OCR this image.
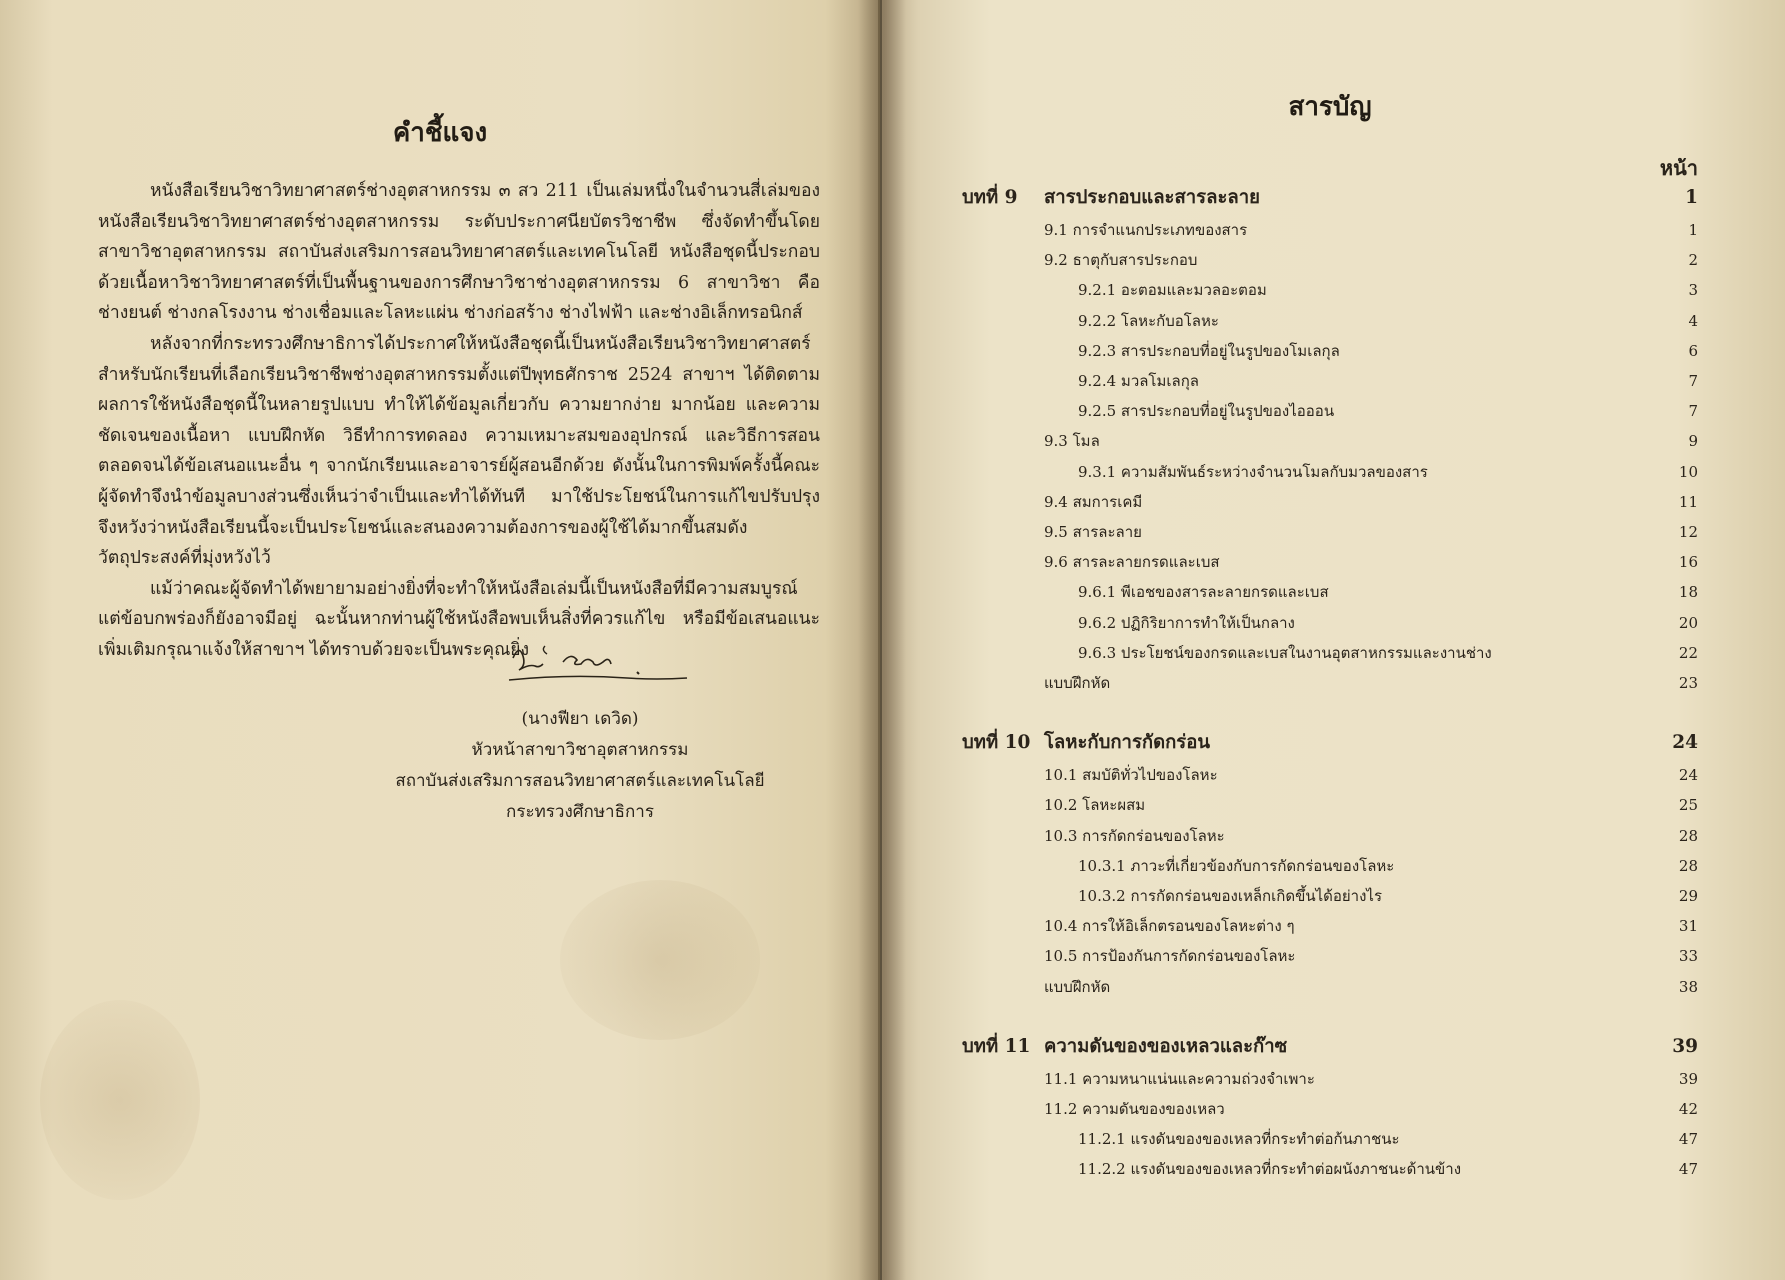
คำชี้แจง

หนังสือเรียนวิชาวิทยาศาสตร์ช่างอุตสาหกรรม ๓ สว 211 เป็นเล่มหนึ่งในจำนวนสี่เล่มของหนังสือเรียนวิชาวิทยาศาสตร์ช่างอุตสาหกรรม ระดับประกาศนียบัตรวิชาชีพ ซึ่งจัดทำขึ้นโดยสาขาวิชาอุตสาหกรรม สถาบันส่งเสริมการสอนวิทยาศาสตร์และเทคโนโลยี หนังสือชุดนี้ประกอบด้วยเนื้อหาวิชาวิทยาศาสตร์ที่เป็นพื้นฐานของการศึกษาวิชาช่างอุตสาหกรรม 6 สาขาวิชา คือ ช่างยนต์ ช่างกลโรงงาน ช่างเชื่อมและโลหะแผ่น ช่างก่อสร้าง ช่างไฟฟ้า และช่างอิเล็กทรอนิกส์

หลังจากที่กระทรวงศึกษาธิการได้ประกาศให้หนังสือชุดนี้เป็นหนังสือเรียนวิชาวิทยาศาสตร์สำหรับนักเรียนที่เลือกเรียนวิชาชีพช่างอุตสาหกรรมตั้งแต่ปีพุทธศักราช 2524 สาขาฯ ได้ติดตามผลการใช้หนังสือชุดนี้ในหลายรูปแบบ ทำให้ได้ข้อมูลเกี่ยวกับ ความยากง่าย มากน้อย และความชัดเจนของเนื้อหา แบบฝึกหัด วิธีทำการทดลอง ความเหมาะสมของอุปกรณ์ และวิธีการสอน ตลอดจนได้ข้อเสนอแนะอื่น ๆ จากนักเรียนและอาจารย์ผู้สอนอีกด้วย ดังนั้นในการพิมพ์ครั้งนี้คณะผู้จัดทำจึงนำข้อมูลบางส่วนซึ่งเห็นว่าจำเป็นและทำได้ทันที มาใช้ประโยชน์ในการแก้ไขปรับปรุง จึงหวังว่าหนังสือเรียนนี้จะเป็นประโยชน์และสนองความต้องการของผู้ใช้ได้มากขึ้นสมดังวัตถุประสงค์ที่มุ่งหวังไว้

แม้ว่าคณะผู้จัดทำได้พยายามอย่างยิ่งที่จะทำให้หนังสือเล่มนี้เป็นหนังสือที่มีความสมบูรณ์ แต่ข้อบกพร่องก็ยังอาจมีอยู่ ฉะนั้นหากท่านผู้ใช้หนังสือพบเห็นสิ่งที่ควรแก้ไข หรือมีข้อเสนอแนะเพิ่มเติมกรุณาแจ้งให้สาขาฯ ได้ทราบด้วยจะเป็นพระคุณยิ่ง

(นางฟียา เดวิด)
หัวหน้าสาขาวิชาอุตสาหกรรม
สถาบันส่งเสริมการสอนวิทยาศาสตร์และเทคโนโลยี
กระทรวงศึกษาธิการ
สารบัญ
หน้า
บทที่ 9 สารประกอบและสารละลาย	1
9.1 การจำแนกประเภทของสาร	1
9.2 ธาตุกับสารประกอบ	2
9.2.1 อะตอมและมวลอะตอม	3
9.2.2 โลหะกับอโลหะ	4
9.2.3 สารประกอบที่อยู่ในรูปของโมเลกุล	6
9.2.4 มวลโมเลกุล	7
9.2.5 สารประกอบที่อยู่ในรูปของไอออน	7
9.3 โมล	9
9.3.1 ความสัมพันธ์ระหว่างจำนวนโมลกับมวลของสาร	10
9.4 สมการเคมี	11
9.5 สารละลาย	12
9.6 สารละลายกรดและเบส	16
9.6.1 พีเอชของสารละลายกรดและเบส	18
9.6.2 ปฏิกิริยาการทำให้เป็นกลาง	20
9.6.3 ประโยชน์ของกรดและเบสในงานอุตสาหกรรมและงานช่าง	22
แบบฝึกหัด	23
บทที่ 10 โลหะกับการกัดกร่อน	24
10.1 สมบัติทั่วไปของโลหะ	24
10.2 โลหะผสม	25
10.3 การกัดกร่อนของโลหะ	28
10.3.1 ภาวะที่เกี่ยวข้องกับการกัดกร่อนของโลหะ	28
10.3.2 การกัดกร่อนของเหล็กเกิดขึ้นได้อย่างไร	29
10.4 การให้อิเล็กตรอนของโลหะต่าง ๆ	31
10.5 การป้องกันการกัดกร่อนของโลหะ	33
แบบฝึกหัด	38
บทที่ 11 ความดันของของเหลวและก๊าซ	39
11.1 ความหนาแน่นและความถ่วงจำเพาะ	39
11.2 ความดันของของเหลว	42
11.2.1 แรงดันของของเหลวที่กระทำต่อก้นภาชนะ	47
11.2.2 แรงดันของของเหลวที่กระทำต่อผนังภาชนะด้านข้าง	47
